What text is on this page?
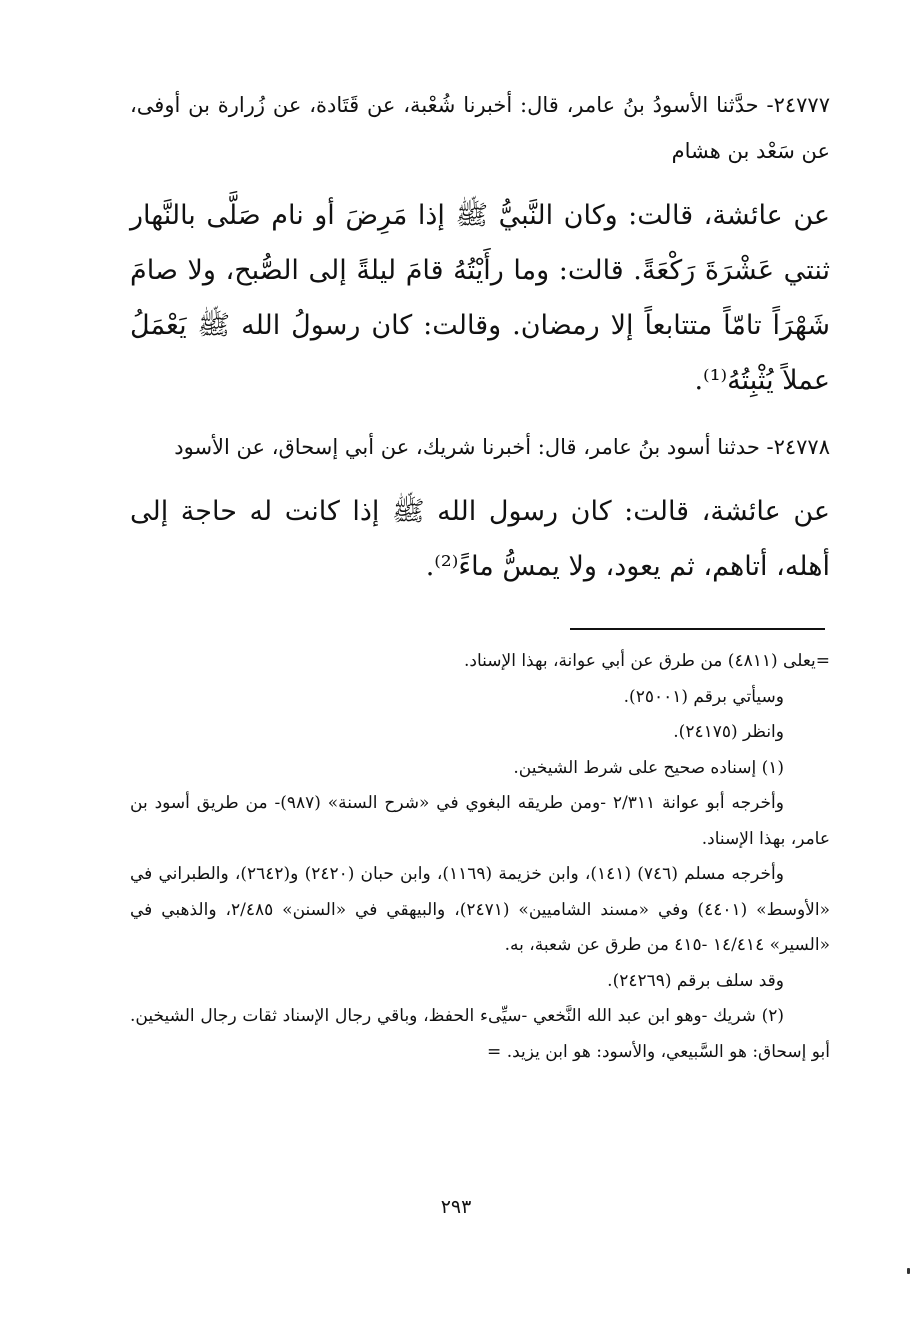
٢٤٧٧٧- حدَّثنا الأسودُ بنُ عامر، قال: أخبرنا شُعْبة، عن قَتَادة، عن زُرارة بن أوفى، عن سَعْد بن هشام

عن عائشة، قالت: وكان النَّبيُّ ﷺ إذا مَرِضَ أو نام صَلَّى بالنَّهار ثنتي عَشْرَةَ رَكْعَةً. قالت: وما رأَيْتُهُ قامَ ليلةً إلى الصُّبح، ولا صامَ شَهْرَاً تامّاً متتابعاً إلا رمضان. وقالت: كان رسولُ الله ﷺ يَعْمَلُ عملاً يُثْبِتُهُ⁽¹⁾.

٢٤٧٧٨- حدثنا أسود بنُ عامر، قال: أخبرنا شريك، عن أبي إسحاق، عن الأسود

عن عائشة، قالت: كان رسول الله ﷺ إذا كانت له حاجة إلى أهله، أتاهم، ثم يعود، ولا يمسُّ ماءً⁽²⁾.

=يعلى (٤٨١١) من طرق عن أبي عوانة، بهذا الإسناد.

وسيأتي برقم (٢٥٠٠١).

وانظر (٢٤١٧٥).

(١) إسناده صحيح على شرط الشيخين.

وأخرجه أبو عوانة ٢/٣١١ -ومن طريقه البغوي في «شرح السنة» (٩٨٧)- من طريق أسود بن عامر، بهذا الإسناد.

وأخرجه مسلم (٧٤٦) (١٤١)، وابن خزيمة (١١٦٩)، وابن حبان (٢٤٢٠) و(٢٦٤٢)، والطبراني في «الأوسط» (٤٤٠١) وفي «مسند الشاميين» (٢٤٧١)، والبيهقي في «السنن» ٢/٤٨٥، والذهبي في «السير» ١٤/٤١٤ -٤١٥ من طرق عن شعبة، به.

وقد سلف برقم (٢٤٢٦٩).

(٢) شريك -وهو ابن عبد الله النَّخعي -سيِّىء الحفظ، وباقي رجال الإسناد ثقات رجال الشيخين. أبو إسحاق: هو السَّبيعي، والأسود: هو ابن يزيد. =

٢٩٣
